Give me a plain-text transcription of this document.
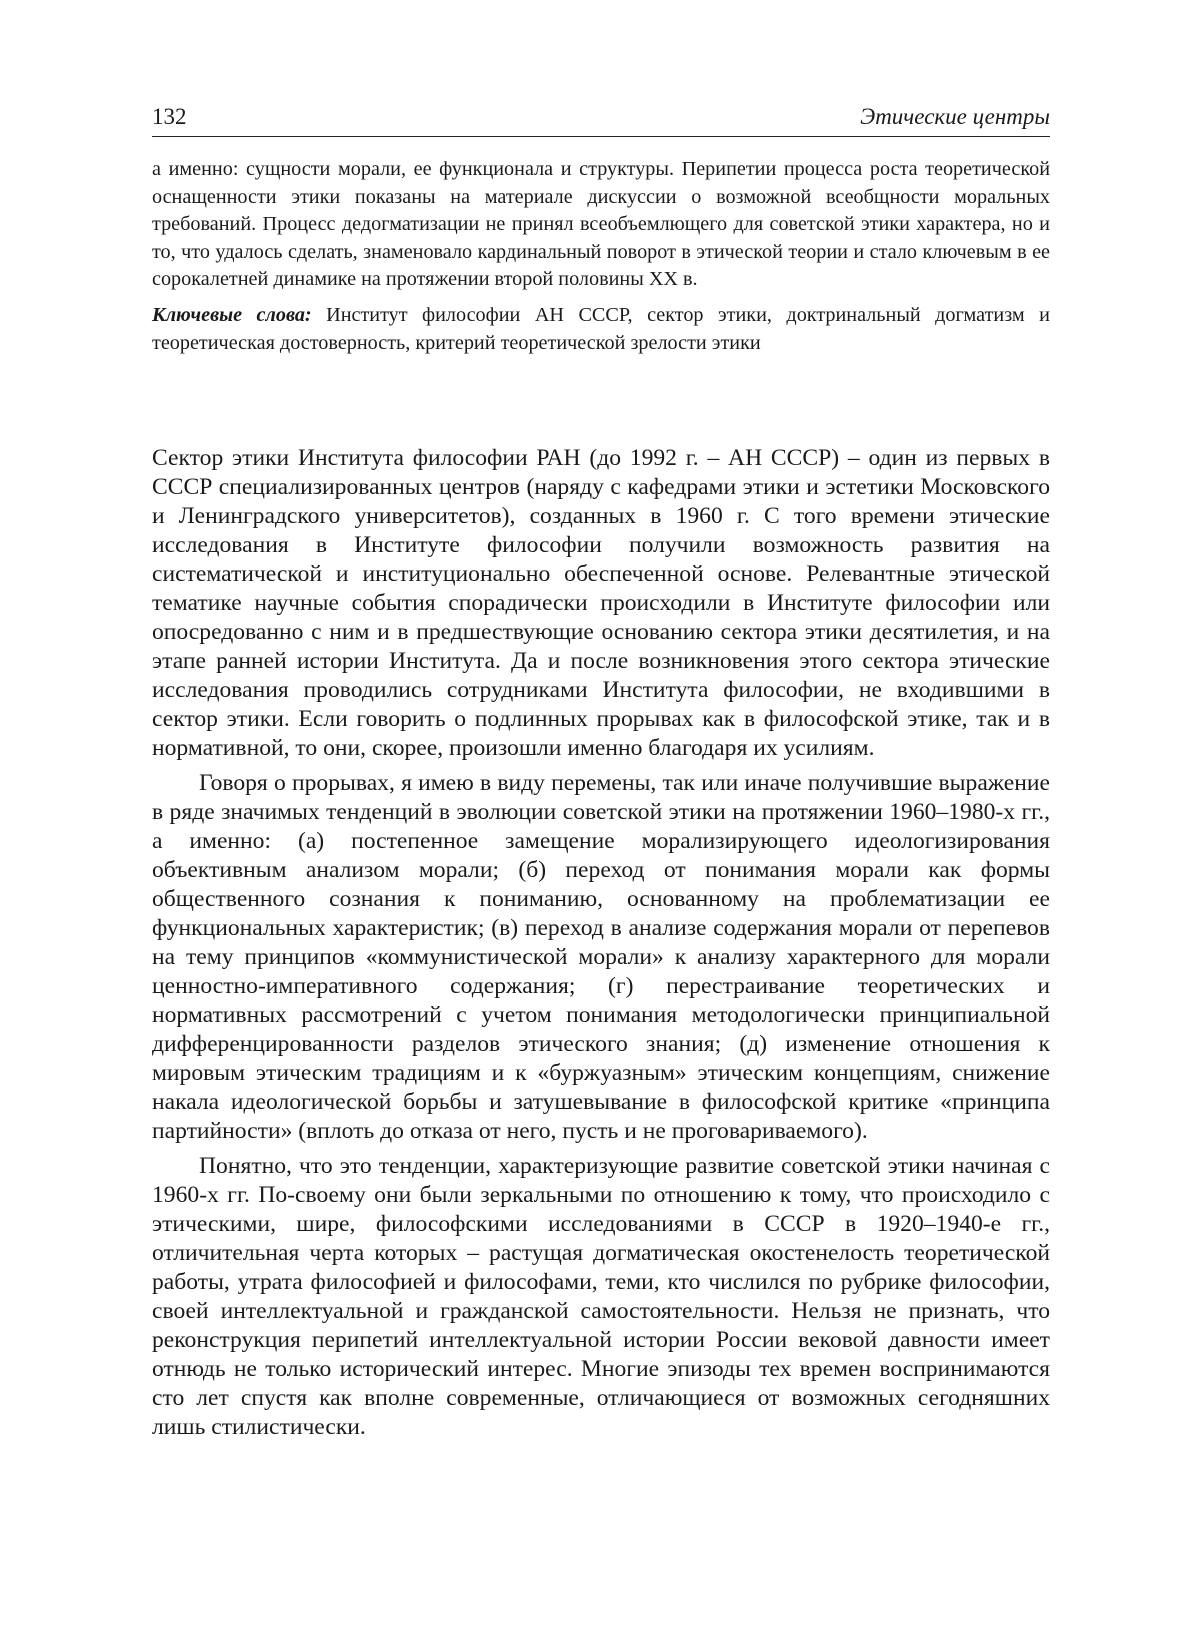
132	Этические центры

а именно: сущности морали, ее функционала и структуры. Перипетии процесса роста теоретической оснащенности этики показаны на материале дискуссии о возможной всеобщности моральных требований. Процесс дедогматизации не принял всеобъемлющего для советской этики характера, но и то, что удалось сделать, знаменовало кардинальный поворот в этической теории и стало ключевым в ее сорокалетней динамике на протяжении второй половины XX в.

Ключевые слова: Институт философии АН СССР, сектор этики, доктринальный догматизм и теоретическая достоверность, критерий теоретической зрелости этики

Сектор этики Института философии РАН (до 1992 г. – АН СССР) – один из первых в СССР специализированных центров (наряду с кафедрами этики и эстетики Московского и Ленинградского университетов), созданных в 1960 г. С того времени этические исследования в Институте философии получили возможность развития на систематической и институционально обеспеченной основе. Релевантные этической тематике научные события спорадически происходили в Институте философии или опосредованно с ним и в предшествующие основанию сектора этики десятилетия, и на этапе ранней истории Института. Да и после возникновения этого сектора этические исследования проводились сотрудниками Института философии, не входившими в сектор этики. Если говорить о подлинных прорывах как в философской этике, так и в нормативной, то они, скорее, произошли именно благодаря их усилиям.

Говоря о прорывах, я имею в виду перемены, так или иначе получившие выражение в ряде значимых тенденций в эволюции советской этики на протяжении 1960–1980-х гг., а именно: (а) постепенное замещение морализирующего идеологизирования объективным анализом морали; (б) переход от понимания морали как формы общественного сознания к пониманию, основанному на проблематизации ее функциональных характеристик; (в) переход в анализе содержания морали от перепевов на тему принципов «коммунистической морали» к анализу характерного для морали ценностно-императивного содержания; (г) перестраивание теоретических и нормативных рассмотрений с учетом понимания методологически принципиальной дифференцированности разделов этического знания; (д) изменение отношения к мировым этическим традициям и к «буржуазным» этическим концепциям, снижение накала идеологической борьбы и затушевывание в философской критике «принципа партийности» (вплоть до отказа от него, пусть и не проговариваемого).

Понятно, что это тенденции, характеризующие развитие советской этики начиная с 1960-х гг. По-своему они были зеркальными по отношению к тому, что происходило с этическими, шире, философскими исследованиями в СССР в 1920–1940-е гг., отличительная черта которых – растущая догматическая окостенелость теоретической работы, утрата философией и философами, теми, кто числился по рубрике философии, своей интеллектуальной и гражданской самостоятельности. Нельзя не признать, что реконструкция перипетий интеллектуальной истории России вековой давности имеет отнюдь не только исторический интерес. Многие эпизоды тех времен воспринимаются сто лет спустя как вполне современные, отличающиеся от возможных сегодняшних лишь стилистически.
